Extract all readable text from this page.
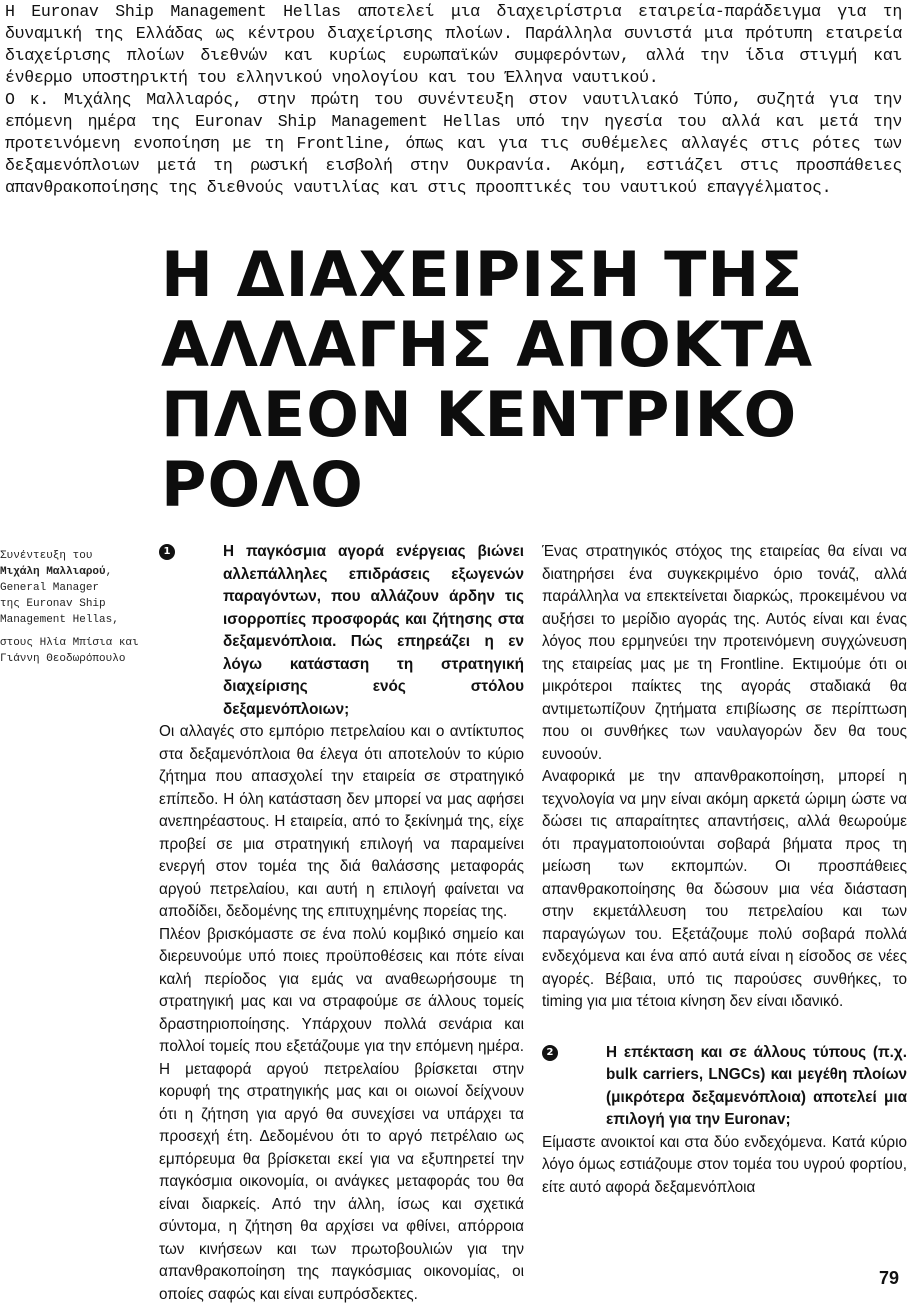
Η Euronav Ship Management Hellas αποτελεί μια διαχειρίστρια εταιρεία-παράδειγμα για τη δυναμική της Ελλάδας ως κέντρου διαχείρισης πλοίων. Παράλληλα συνιστά μια πρότυπη εταιρεία διαχείρισης πλοίων διεθνών και κυρίως ευρωπαϊκών συμφερόντων, αλλά την ίδια στιγμή και ένθερμο υποστηρικτή του ελληνικού νηολογίου και του Έλληνα ναυτικού.

Ο κ. Μιχάλης Μαλλιαρός, στην πρώτη του συνέντευξη στον ναυτιλιακό Τύπο, συζητά για την επόμενη ημέρα της Euronav Ship Management Hellas υπό την ηγεσία του αλλά και μετά την προτεινόμενη ενοποίηση με τη Frontline, όπως και για τις συθέμελες αλλαγές στις ρότες των δεξαμενόπλοιων μετά τη ρωσική εισβολή στην Ουκρανία. Ακόμη, εστιάζει στις προσπάθειες απανθρακοποίησης της διεθνούς ναυτιλίας και στις προοπτικές του ναυτικού επαγγέλματος.

Η ΔΙΑΧΕΙΡΙΣΗ ΤΗΣ
ΑΛΛΑΓΗΣ ΑΠΟΚΤΑ
ΠΛΕΟΝ ΚΕΝΤΡΙΚΟ
ΡΟΛΟ
Συνέντευξη του
Μιχάλη Μαλλιαρού,
General Manager
της Euronav Ship
Management Hellas,
στους Ηλία Μπίσια και
Γιάννη Θεοδωρόπουλο

1	Η παγκόσμια αγορά ενέργειας βιώνει αλλεπάλληλες επιδράσεις εξωγενών παραγόντων, που αλλάζουν άρδην τις ισορροπίες προσφοράς και ζήτησης στα δεξαμενόπλοια. Πώς επηρεάζει η εν λόγω κατάσταση τη στρατηγική διαχείρισης ενός στόλου δεξαμενόπλοιων;

Οι αλλαγές στο εμπόριο πετρελαίου και ο αντίκτυπος στα δεξαμενόπλοια θα έλεγα ότι αποτελούν το κύριο ζήτημα που απασχολεί την εταιρεία σε στρατηγικό επίπεδο. Η όλη κατάσταση δεν μπορεί να μας αφήσει ανεπηρέαστους. Η εταιρεία, από το ξεκίνημά της, είχε προβεί σε μια στρατηγική επιλογή να παραμείνει ενεργή στον τομέα της διά θαλάσσης μεταφοράς αργού πετρελαίου, και αυτή η επιλογή φαίνεται να αποδίδει, δεδομένης της επιτυχημένης πορείας της.

Πλέον βρισκόμαστε σε ένα πολύ κομβικό σημείο και διερευνούμε υπό ποιες προϋποθέσεις και πότε είναι καλή περίοδος για εμάς να αναθεωρήσουμε τη στρατηγική μας και να στραφούμε σε άλλους τομείς δραστηριοποίησης. Υπάρχουν πολλά σενάρια και πολλοί τομείς που εξετάζουμε για την επόμενη ημέρα. Η μεταφορά αργού πετρελαίου βρίσκεται στην κορυφή της στρατηγικής μας και οι οιωνοί δείχνουν ότι η ζήτηση για αργό θα συνεχίσει να υπάρχει τα προσεχή έτη. Δεδομένου ότι το αργό πετρέλαιο ως εμπόρευμα θα βρίσκεται εκεί για να εξυπηρετεί την παγκόσμια οικονομία, οι ανάγκες μεταφοράς του θα είναι διαρκείς. Από την άλλη, ίσως και σχετικά σύντομα, η ζήτηση θα αρχίσει να φθίνει, απόρροια των κινήσεων και των πρωτοβουλιών για την απανθρακοποίηση της παγκόσμιας οικονομίας, οι οποίες σαφώς και είναι ευπρόσδεκτες.

Ένας στρατηγικός στόχος της εταιρείας θα είναι να διατηρήσει ένα συγκεκριμένο όριο τονάζ, αλλά παράλληλα να επεκτείνεται διαρκώς, προκειμένου να αυξήσει το μερίδιο αγοράς της. Αυτός είναι και ένας λόγος που ερμηνεύει την προτεινόμενη συγχώνευση της εταιρείας μας με τη Frontline. Εκτιμούμε ότι οι μικρότεροι παίκτες της αγοράς σταδιακά θα αντιμετωπίζουν ζητήματα επιβίωσης σε περίπτωση που οι συνθήκες των ναυλαγορών δεν θα τους ευνοούν.

Αναφορικά με την απανθρακοποίηση, μπορεί η τεχνολογία να μην είναι ακόμη αρκετά ώριμη ώστε να δώσει τις απαραίτητες απαντήσεις, αλλά θεωρούμε ότι πραγματοποιούνται σοβαρά βήματα προς τη μείωση των εκπομπών. Οι προσπάθειες απανθρακοποίησης θα δώσουν μια νέα διάσταση στην εκμετάλλευση του πετρελαίου και των παραγώγων του. Εξετάζουμε πολύ σοβαρά πολλά ενδεχόμενα και ένα από αυτά είναι η είσοδος σε νέες αγορές. Βέβαια, υπό τις παρούσες συνθήκες, το timing για μια τέτοια κίνηση δεν είναι ιδανικό.

2	Η επέκταση και σε άλλους τύπους (π.χ. bulk carriers, LNGCs) και μεγέθη πλοίων (μικρότερα δεξαμενόπλοια) αποτελεί μια επιλογή για την Euronav;

Είμαστε ανοικτοί και στα δύο ενδεχόμενα. Κατά κύριο λόγο όμως εστιάζουμε στον τομέα του υγρού φορτίου, είτε αυτό αφορά δεξαμενόπλοια

79
